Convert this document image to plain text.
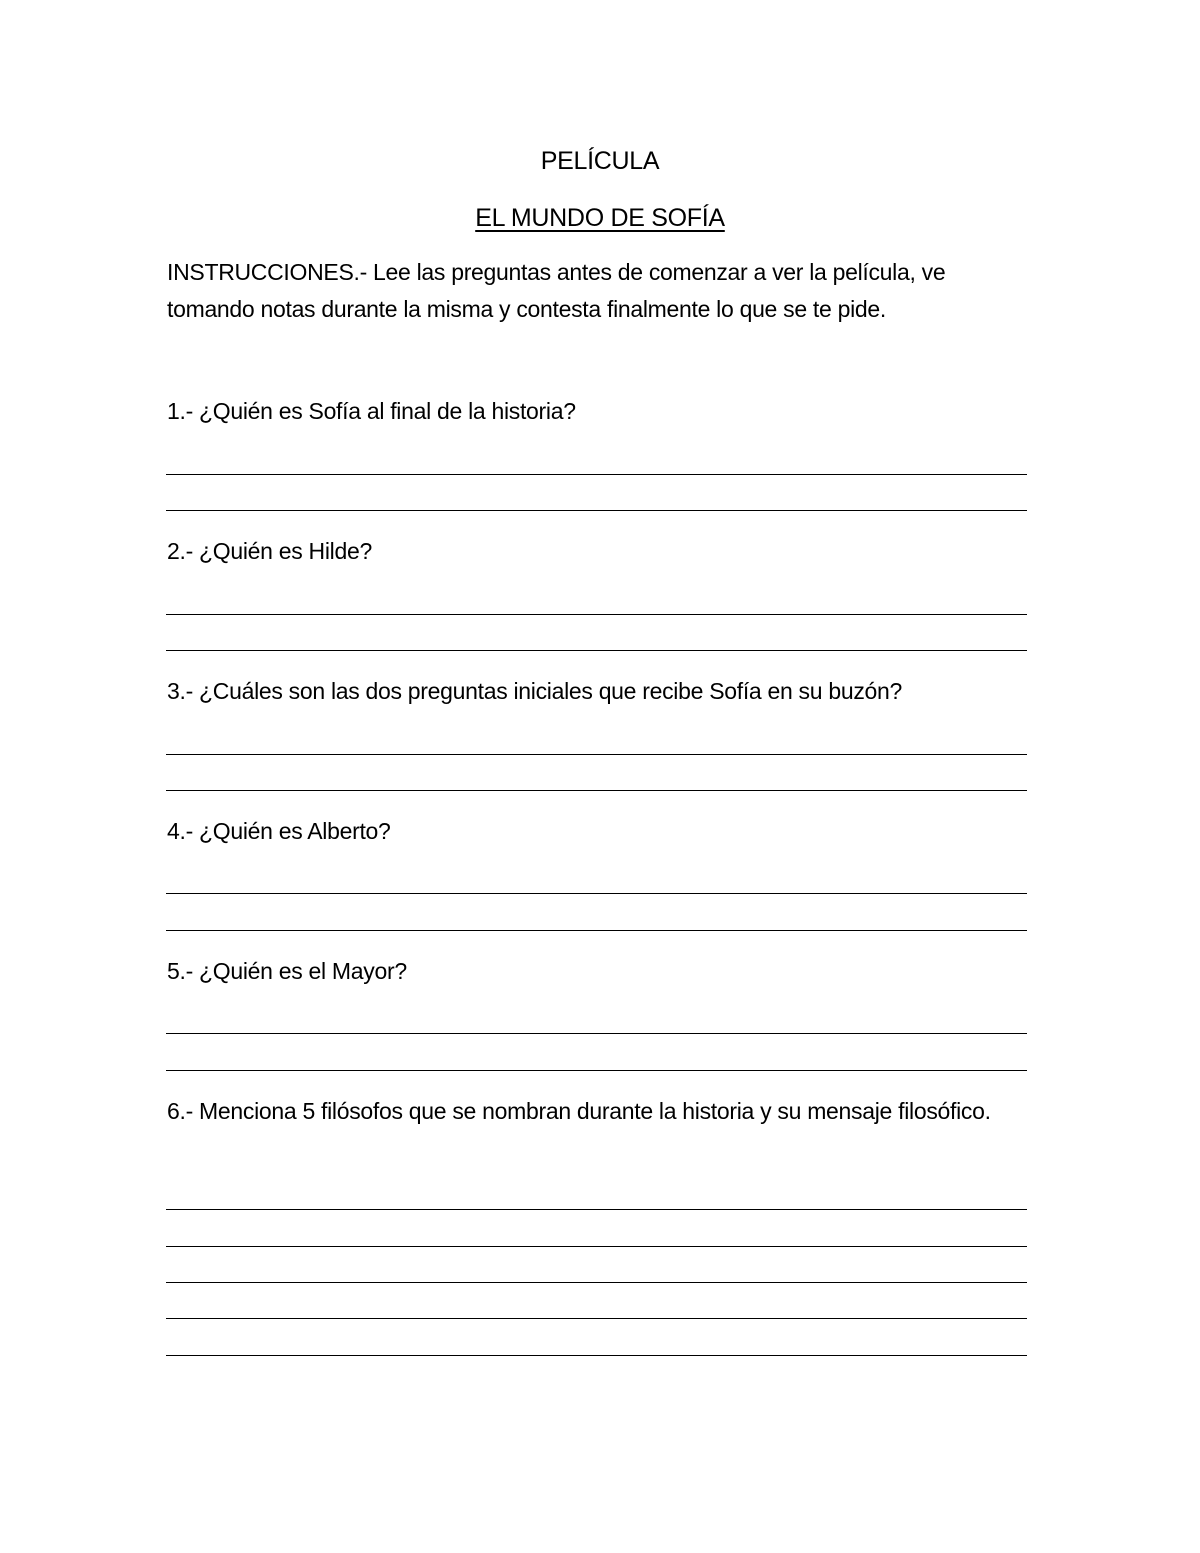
PELÍCULA
EL MUNDO DE SOFÍA
INSTRUCCIONES.- Lee las preguntas antes de comenzar a ver la película, ve tomando notas durante la misma y contesta finalmente lo que se te pide.
1.- ¿Quién es Sofía al final de la historia?
2.- ¿Quién es Hilde?
3.- ¿Cuáles son las dos preguntas iniciales que recibe Sofía en su buzón?
4.- ¿Quién es Alberto?
5.- ¿Quién es el Mayor?
6.- Menciona 5 filósofos que se nombran durante la historia y su mensaje filosófico.
